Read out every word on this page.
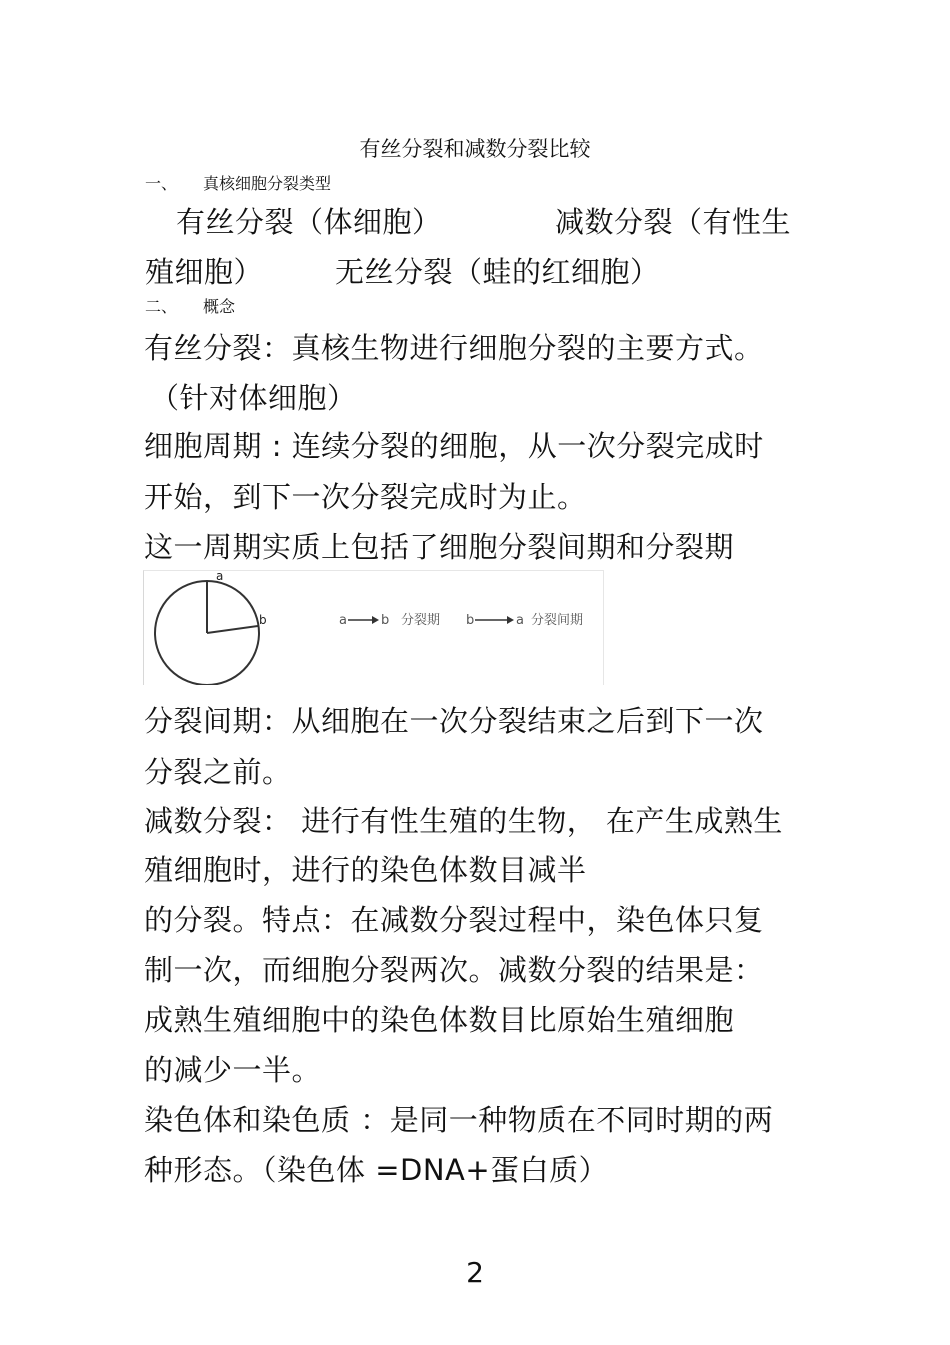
有丝分裂和减数分裂比较
一、 真核细胞分裂类型
有丝分裂（体细胞）	减数分裂（有性生
殖细胞） 无丝分裂（蛙的红细胞）
二、 概念
有丝分裂：真核生物进行细胞分裂的主要方式。
（针对体细胞）
细胞周期 : 连续分裂的细胞，从一次分裂完成时
开始，到下一次分裂完成时为止。
这一周期实质上包括了细胞分裂间期和分裂期
a
b	a	b 分裂期 b	a 分裂间期
分裂间期：从细胞在一次分裂结束之后到下一次
分裂之前。
减数分裂： 进行有性生殖的生物， 在产生成熟生
殖细胞时，进行的染色体数目减半
的分裂。特点：在减数分裂过程中，染色体只复
制一次，而细胞分裂两次。减数分裂的结果是：
成熟生殖细胞中的染色体数目比原始生殖细胞
的减少一半。
染色体和染色质 ：是同一种物质在不同时期的两
种形态。（染色体 =DNA+蛋白质）
2
